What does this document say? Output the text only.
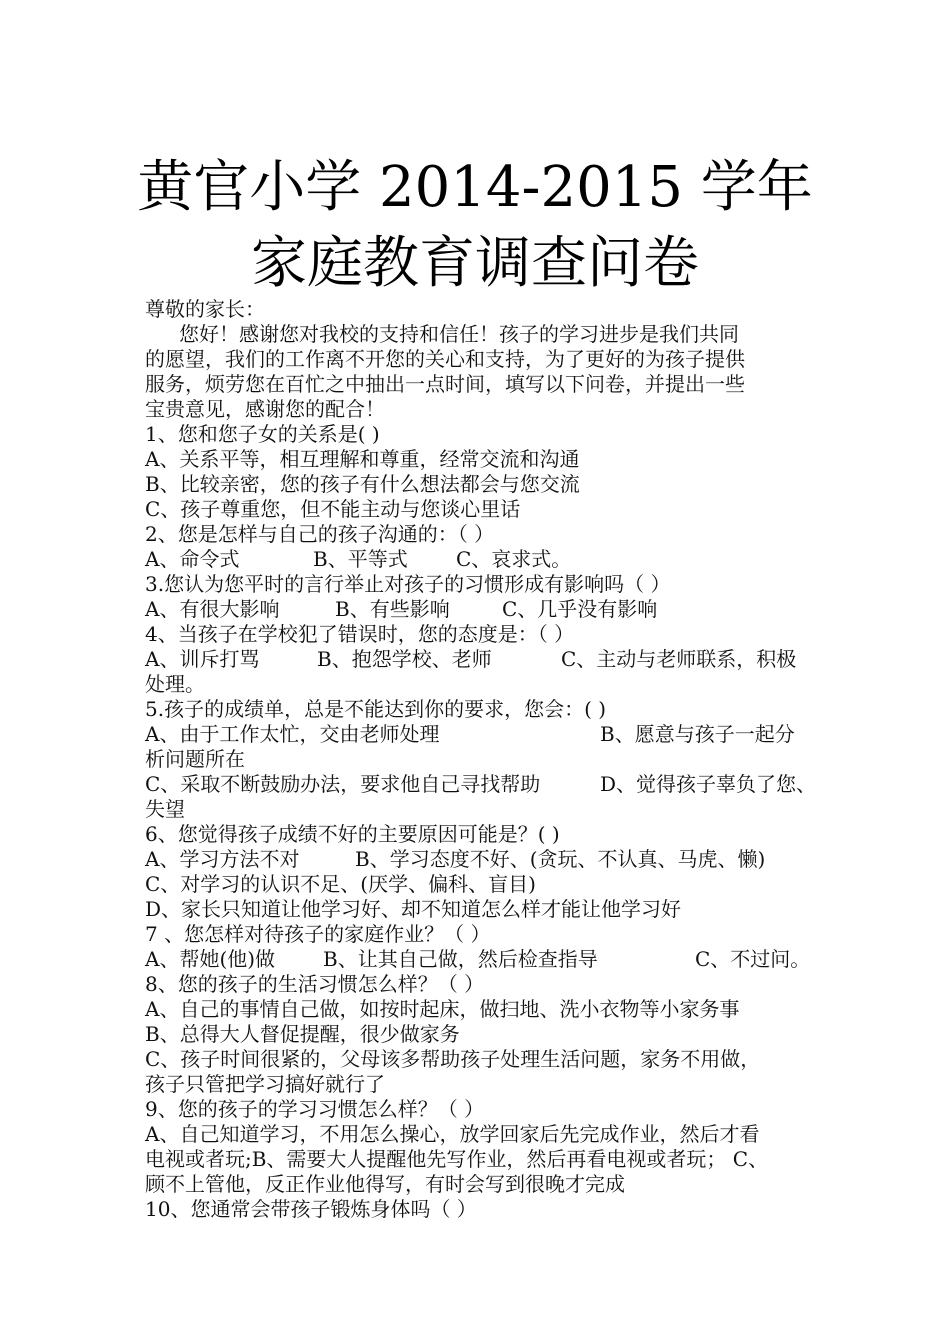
黄官小学 2014-2015 学年
家庭教育调查问卷
尊敬的家长：
您好！感谢您对我校的支持和信任！孩子的学习进步是我们共同
的愿望，我们的工作离不开您的关心和支持，为了更好的为孩子提供
服务，烦劳您在百忙之中抽出一点时间，填写以下问卷，并提出一些
宝贵意见，感谢您的配合！
1、您和您子女的关系是( )
A、关系平等，相互理解和尊重，经常交流和沟通
B、比较亲密，您的孩子有什么想法都会与您交流
C、孩子尊重您，但不能主动与您谈心里话
2、您是怎样与自己的孩子沟通的：（ ）
A、命令式	B、平等式 C、哀求式。
3.您认为您平时的言行举止对孩子的习惯形成有影响吗（ ）
A、有很大影响	B、有些影响	C、几乎没有影响
4、当孩子在学校犯了错误时，您的态度是：（ ）
A、训斥打骂	B、抱怨学校、老师	C、主动与老师联系，积极
处理。
5.孩子的成绩单，总是不能达到你的要求，您会：( )
A、由于工作太忙，交由老师处理	B、愿意与孩子一起分
析问题所在
C、采取不断鼓励办法，要求他自己寻找帮助	D、觉得孩子辜负了您、
失望
6、您觉得孩子成绩不好的主要原因可能是？( )
A、学习方法不对	B、学习态度不好、(贪玩、不认真、马虎、懒)
C、对学习的认识不足、(厌学、偏科、盲目)
D、家长只知道让他学习好、却不知道怎么样才能让他学习好
7 、您怎样对待孩子的家庭作业？（ ）
A、帮她(他)做 B、让其自己做，然后检查指导	C、不过问。
8、您的孩子的生活习惯怎么样？（ ）
A、自己的事情自己做，如按时起床，做扫地、洗小衣物等小家务事
B、总得大人督促提醒，很少做家务
C、孩子时间很紧的，父母该多帮助孩子处理生活问题，家务不用做，
孩子只管把学习搞好就行了
9、您的孩子的学习习惯怎么样？（ ）
A、自己知道学习，不用怎么操心，放学回家后先完成作业，然后才看
电视或者玩;B、需要大人提醒他先写作业，然后再看电视或者玩； C、
顾不上管他，反正作业他得写，有时会写到很晚才完成
10、您通常会带孩子锻炼身体吗（ ）
